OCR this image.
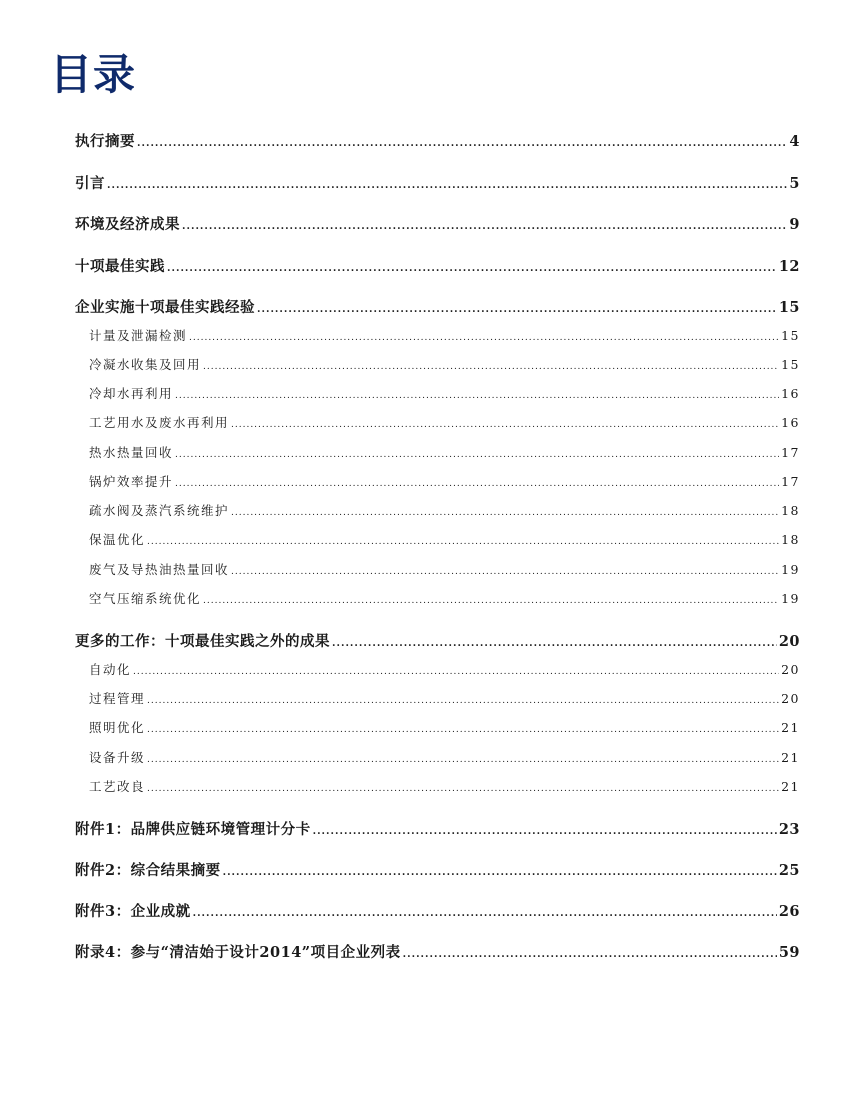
目录
执行摘要 .....	4
引言 .....	5
环境及经济成果 .....	9
十项最佳实践 .....	12
企业实施十项最佳实践经验 .....	15
计量及泄漏检测 .....	15
冷凝水收集及回用 .....	15
冷却水再利用 .....	16
工艺用水及废水再利用 .....	16
热水热量回收 .....	17
锅炉效率提升 .....	17
疏水阀及蒸汽系统维护 .....	18
保温优化 .....	18
废气及导热油热量回收 .....	19
空气压缩系统优化 .....	19
更多的工作：十项最佳实践之外的成果 .....	20
自动化 .....	20
过程管理 .....	20
照明优化 .....	21
设备升级 .....	21
工艺改良 .....	21
附件1：品牌供应链环境管理计分卡 .....	23
附件2：综合结果摘要 .....	25
附件3：企业成就 .....	26
附录4：参与“清洁始于设计2014”项目企业列表 .....	59
